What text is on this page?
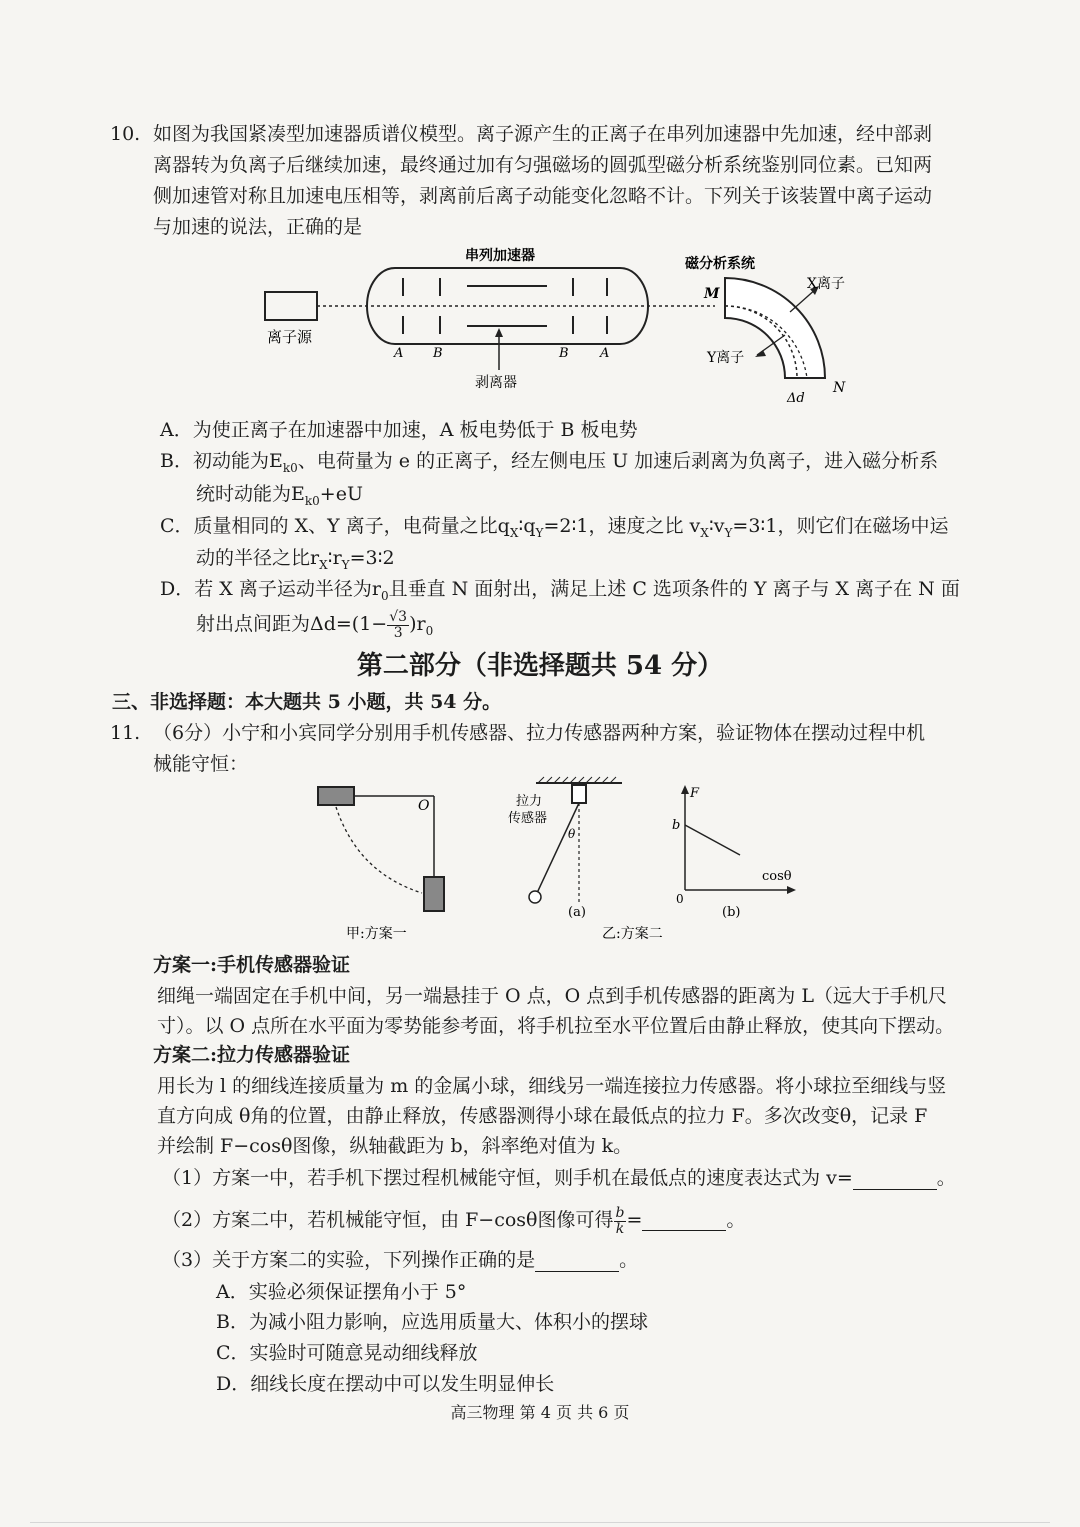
10. 如图为我国紧凑型加速器质谱仪模型。离子源产生的正离子在串列加速器中先加速，经中部剥
离器转为负离子后继续加速，最终通过加有匀强磁场的圆弧型磁分析系统鉴别同位素。已知两
侧加速管对称且加速电压相等，剥离前后离子动能变化忽略不计。下列关于该装置中离子运动
与加速的说法，正确的是
离子源
串列加速器
A B	B A
剥离器
磁分析系统
X离子
Y离子
M
N
Δd
A．为使正离子在加速器中加速，A 板电势低于 B 板电势
B．初动能为$E_{k0}$、电荷量为 e 的正离子，经左侧电压 U 加速后剥离为负离子，进入磁分析系
统时动能为$E_{k0}+eU$
C．质量相同的 X、Y 离子，电荷量之比$q_X∶q_Y=2∶1$，速度之比 $v_X∶v_Y=3∶1$，则它们在磁场中运
动的半径之比$r_X∶r_Y=3∶2$
D．若 X 离子运动半径为$r_0$且垂直 N 面射出，满足上述 C 选项条件的 Y 离子与 X 离子在 N 面
射出点间距为$\Delta d=(1- \frac{√3}{3} )r_0$
第二部分（非选择题共 54 分）
三、非选择题：本大题共 5 小题，共 54 分。
11. （6分）小宁和小宾同学分别用手机传感器、拉力传感器两种方案，验证物体在摆动过程中机
械能守恒：
O
甲:方案一
拉力
传感器
θ
(a)
F
b
0
cosθ
(b)
乙:方案二
方案一:手机传感器验证
细绳一端固定在手机中间，另一端悬挂于 O 点，O 点到手机传感器的距离为 L（远大于手机尺
寸）。以 O 点所在水平面为零势能参考面，将手机拉至水平位置后由静止释放，使其向下摆动。
方案二:拉力传感器验证
用长为 l 的细线连接质量为 m 的金属小球，细线另一端连接拉力传感器。将小球拉至细线与竖
直方向成 θ角的位置，由静止释放，传感器测得小球在最低点的拉力 F。多次改变θ，记录 F
并绘制 F−cosθ图像，纵轴截距为 b，斜率绝对值为 k。
（1）方案一中，若手机下摆过程机械能守恒，则手机在最低点的速度表达式为 v=	。
（2）方案二中，若机械能守恒，由 F−cosθ图像可得 $\frac{b}{k}$ =	。
（3）关于方案二的实验，下列操作正确的是	。
A．实验必须保证摆角小于 5°
B．为减小阻力影响，应选用质量大、体积小的摆球
C．实验时可随意晃动细线释放
D．细线长度在摆动中可以发生明显伸长
高三物理 第 4 页 共 6 页
